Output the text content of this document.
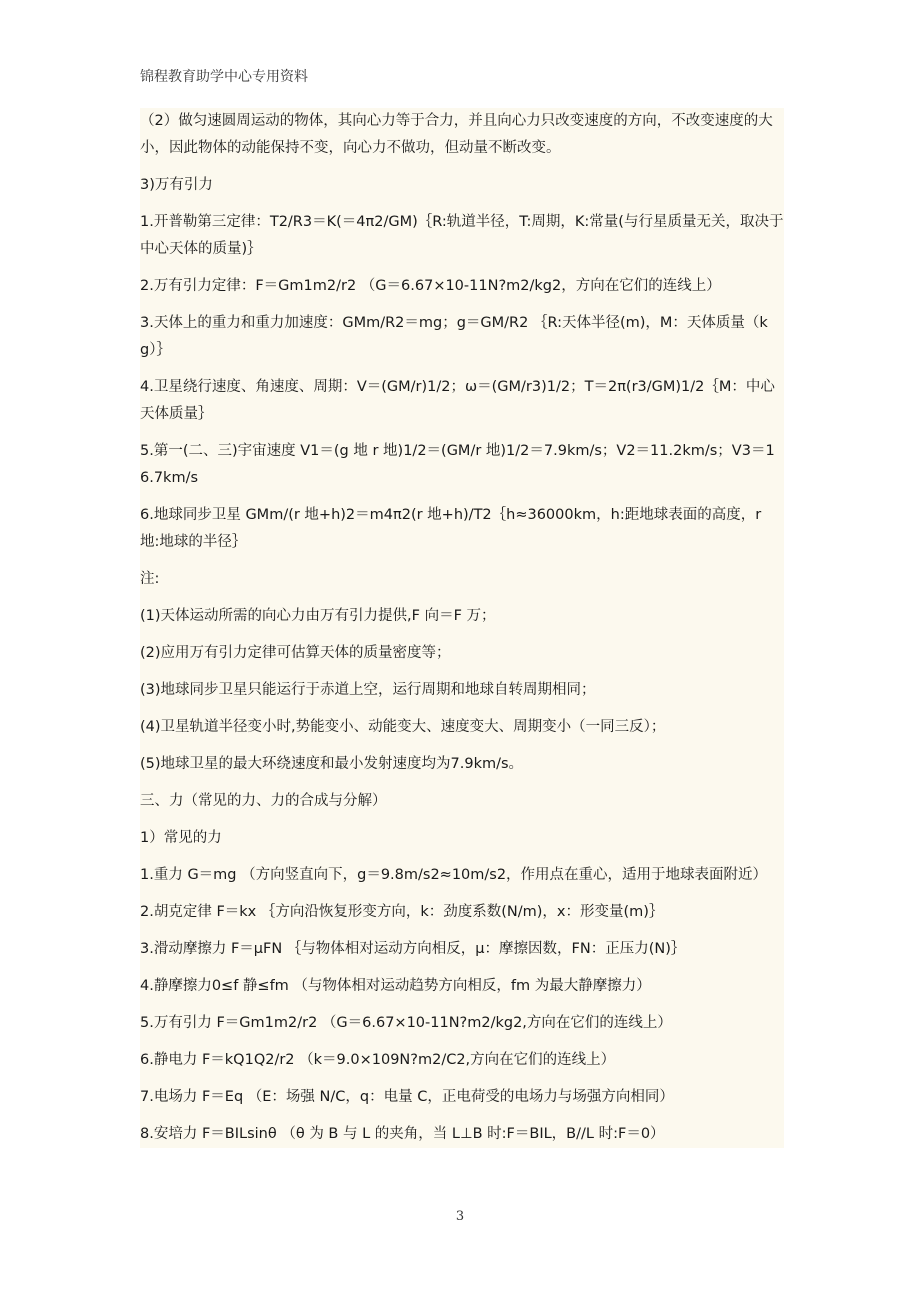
锦程教育助学中心专用资料

（2）做匀速圆周运动的物体，其向心力等于合力，并且向心力只改变速度的方向，不改变速度的大小，因此物体的动能保持不变，向心力不做功，但动量不断改变。

3)万有引力

1.开普勒第三定律：T2/R3＝K(＝4π2/GM)｛R:轨道半径，T:周期，K:常量(与行星质量无关，取决于中心天体的质量)｝

2.万有引力定律：F＝Gm1m2/r2 （G＝6.67×10-11N?m2/kg2，方向在它们的连线上）

3.天体上的重力和重力加速度：GMm/R2＝mg；g＝GM/R2 ｛R:天体半径(m)，M：天体质量（kg）｝

4.卫星绕行速度、角速度、周期：V＝(GM/r)1/2；ω＝(GM/r3)1/2；T＝2π(r3/GM)1/2｛M：中心天体质量｝

5.第一(二、三)宇宙速度 V1＝(g 地 r 地)1/2＝(GM/r 地)1/2＝7.9km/s；V2＝11.2km/s；V3＝16.7km/s

6.地球同步卫星 GMm/(r 地+h)2＝m4π2(r 地+h)/T2｛h≈36000km，h:距地球表面的高度，r 地:地球的半径｝

注:

(1)天体运动所需的向心力由万有引力提供,F 向＝F 万；

(2)应用万有引力定律可估算天体的质量密度等；

(3)地球同步卫星只能运行于赤道上空，运行周期和地球自转周期相同；

(4)卫星轨道半径变小时,势能变小、动能变大、速度变大、周期变小（一同三反）；

(5)地球卫星的最大环绕速度和最小发射速度均为7.9km/s。

三、力（常见的力、力的合成与分解）

1）常见的力

1.重力 G＝mg （方向竖直向下，g＝9.8m/s2≈10m/s2，作用点在重心，适用于地球表面附近）

2.胡克定律 F＝kx ｛方向沿恢复形变方向，k：劲度系数(N/m)，x：形变量(m)｝

3.滑动摩擦力 F＝μFN ｛与物体相对运动方向相反，μ：摩擦因数，FN：正压力(N)｝

4.静摩擦力0≤f 静≤fm （与物体相对运动趋势方向相反，fm 为最大静摩擦力）

5.万有引力 F＝Gm1m2/r2 （G＝6.67×10-11N?m2/kg2,方向在它们的连线上）

6.静电力 F＝kQ1Q2/r2 （k＝9.0×109N?m2/C2,方向在它们的连线上）

7.电场力 F＝Eq （E：场强 N/C，q：电量 C，正电荷受的电场力与场强方向相同）

8.安培力 F＝BILsinθ （θ 为 B 与 L 的夹角，当 L⊥B 时:F＝BIL，B//L 时:F＝0）

3
